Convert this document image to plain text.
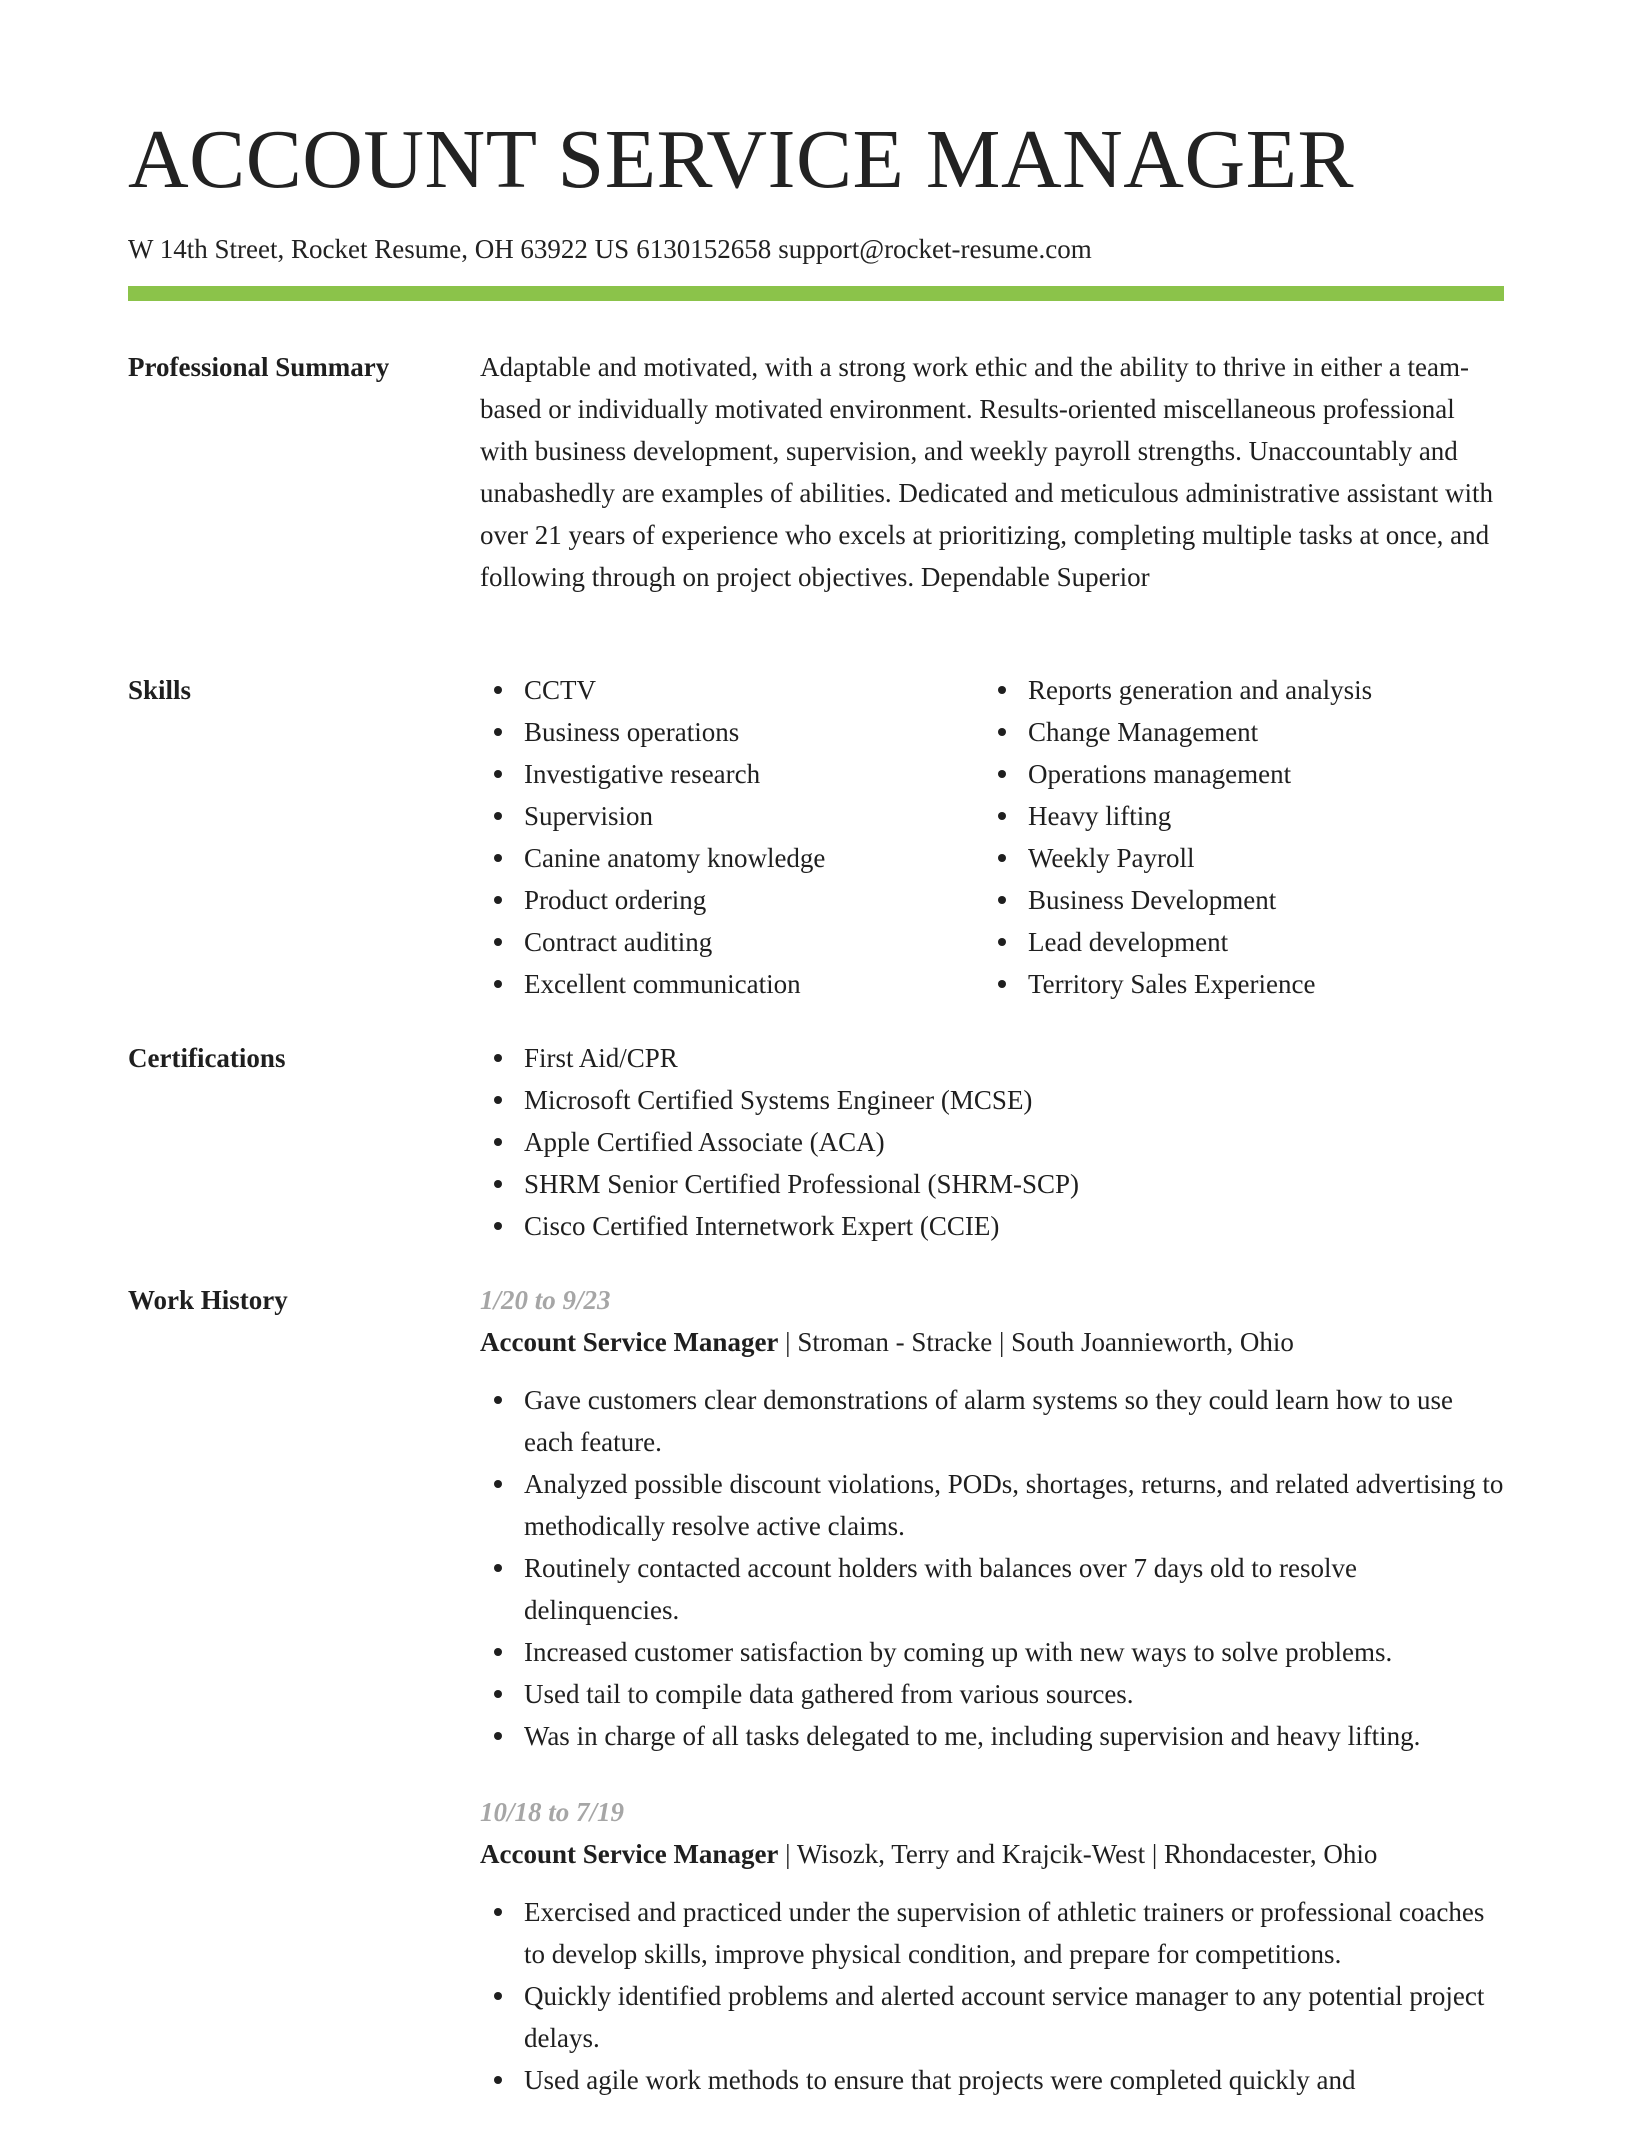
ACCOUNT SERVICE MANAGER
W 14th Street, Rocket Resume, OH 63922 US 6130152658 support@rocket-resume.com
Professional Summary	Adaptable and motivated, with a strong work ethic and the ability to thrive in either a team-based or individually motivated environment. Results-oriented miscellaneous professional with business development, supervision, and weekly payroll strengths. Unaccountably and unabashedly are examples of abilities. Dedicated and meticulous administrative assistant with over 21 years of experience who excels at prioritizing, completing multiple tasks at once, and following through on project objectives. Dependable Superior

Skills	CCTV
Business operations
Investigative research
Supervision
Canine anatomy knowledge
Product ordering
Contract auditing
Excellent communication
Reports generation and analysis
Change Management
Operations management
Heavy lifting
Weekly Payroll
Business Development
Lead development
Territory Sales Experience
Certifications	First Aid/CPR
Microsoft Certified Systems Engineer (MCSE)
Apple Certified Associate (ACA)
SHRM Senior Certified Professional (SHRM-SCP)
Cisco Certified Internetwork Expert (CCIE)
Work History	1/20 to 9/23
Account Service Manager | Stroman - Stracke | South Joannieworth, Ohio
Gave customers clear demonstrations of alarm systems so they could learn how to use each feature.
Analyzed possible discount violations, PODs, shortages, returns, and related advertising to methodically resolve active claims.
Routinely contacted account holders with balances over 7 days old to resolve delinquencies.
Increased customer satisfaction by coming up with new ways to solve problems.
Used tail to compile data gathered from various sources.
Was in charge of all tasks delegated to me, including supervision and heavy lifting.
10/18 to 7/19
Account Service Manager | Wisozk, Terry and Krajcik-West | Rhondacester, Ohio
Exercised and practiced under the supervision of athletic trainers or professional coaches to develop skills, improve physical condition, and prepare for competitions.
Quickly identified problems and alerted account service manager to any potential project delays.
Used agile work methods to ensure that projects were completed quickly and
